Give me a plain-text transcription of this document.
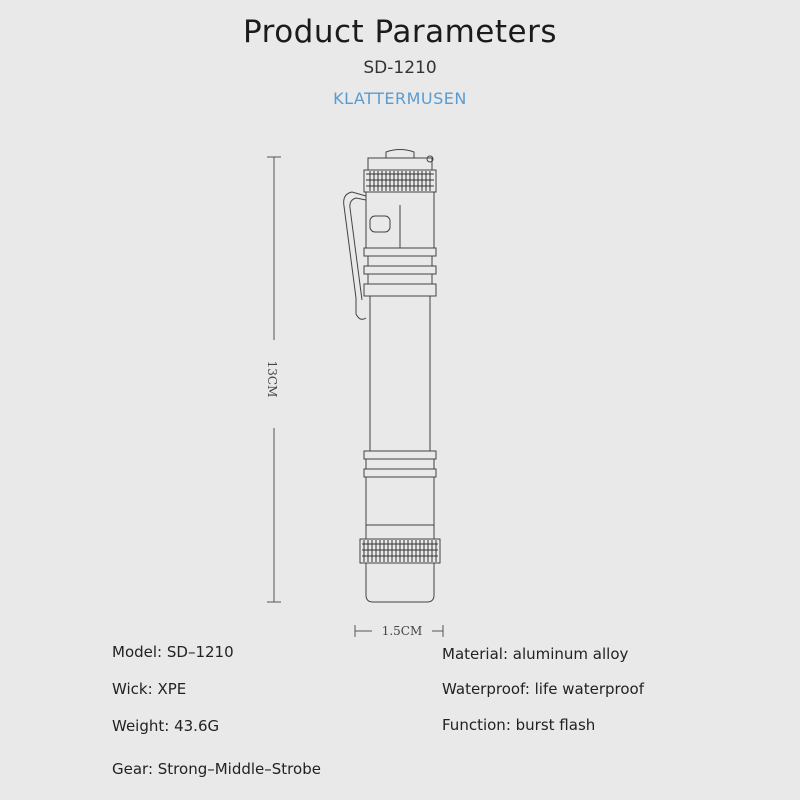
Product Parameters
SD-1210
KLATTERMUSEN
13CM
1.5CM
Model : SD–1210
Wick : XPE
Weight : 43.6G
Gear : Strong–Middle–Strobe
Material : aluminum alloy
Waterproof : life waterproof
Function : burst flash
